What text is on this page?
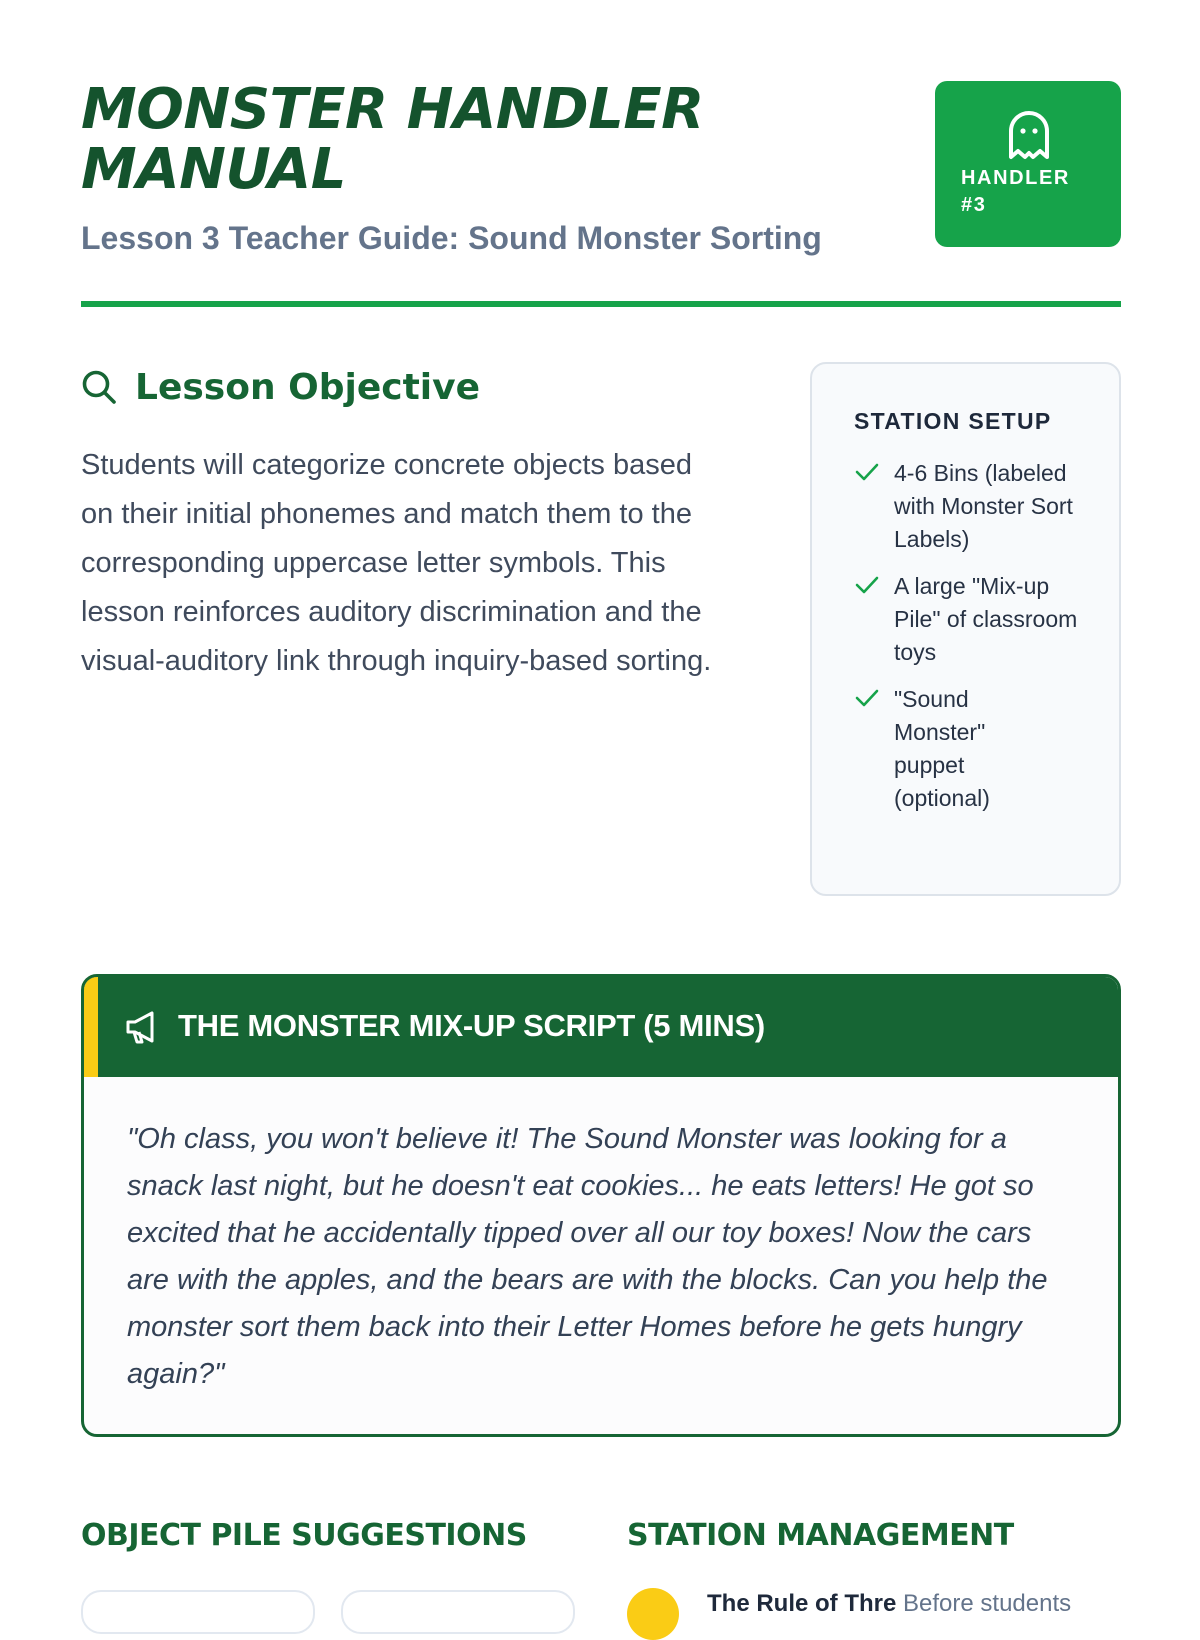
MONSTER HANDLER MANUAL
Lesson 3 Teacher Guide: Sound Monster Sorting
HANDLER #3
Lesson Objective

Students will categorize concrete objects based on their initial phonemes and match them to the corresponding uppercase letter symbols. This lesson reinforces auditory discrimination and the visual-auditory link through inquiry-based sorting.

STATION SETUP
4-6 Bins (labeled with Monster Sort Labels)
A large "Mix-up Pile" of classroom toys
"Sound Monster" puppet (optional)
THE MONSTER MIX-UP SCRIPT (5 MINS)

"Oh class, you won't believe it! The Sound Monster was looking for a snack last night, but he doesn't eat cookies... he eats letters! He got so excited that he accidentally tipped over all our toy boxes! Now the cars are with the apples, and the bears are with the blocks. Can you help the monster sort them back into their Letter Homes before he gets hungry again?"

OBJECT PILE SUGGESTIONS	STATION MANAGEMENT
The Rule of Thre Before students
